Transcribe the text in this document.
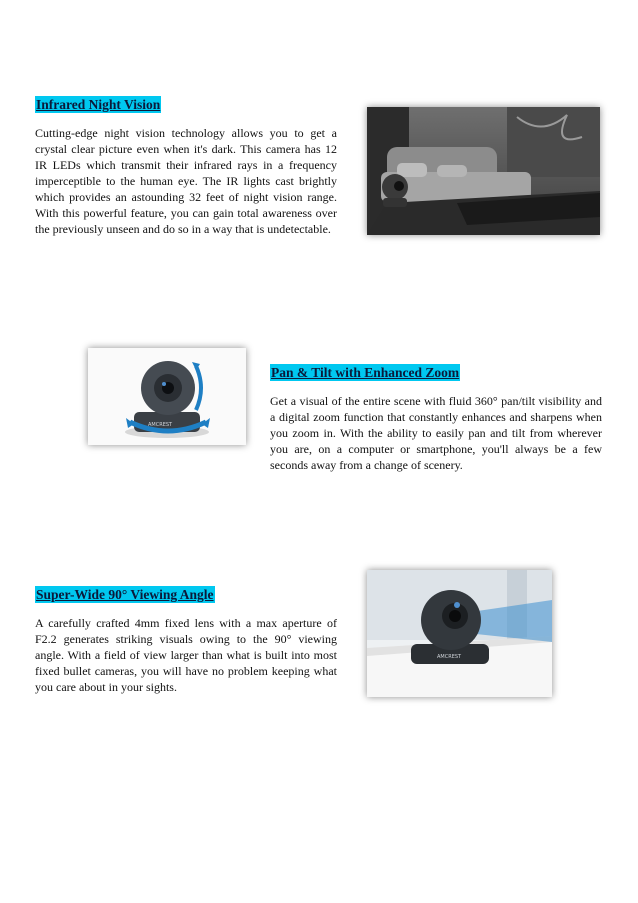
Infrared Night Vision

Cutting-edge night vision technology allows you to get a crystal clear picture even when it's dark. This camera has 12 IR LEDs which transmit their infrared rays in a frequency imperceptible to the human eye. The IR lights cast brightly which provides an astounding 32 feet of night vision range. With this powerful feature, you can gain total awareness over the previously unseen and do so in a way that is undetectable.

AMCREST
Pan & Tilt with Enhanced Zoom

Get a visual of the entire scene with fluid 360° pan/tilt visibility and a digital zoom function that constantly enhances and sharpens when you zoom in. With the ability to easily pan and tilt from wherever you are, on a computer or smartphone, you'll always be a few seconds away from a change of scenery.

Super-Wide 90° Viewing Angle

A carefully crafted 4mm fixed lens with a max aperture of F2.2 generates striking visuals owing to the 90° viewing angle. With a field of view larger than what is built into most fixed bullet cameras, you will have no problem keeping what you care about in your sights.

AMCREST
